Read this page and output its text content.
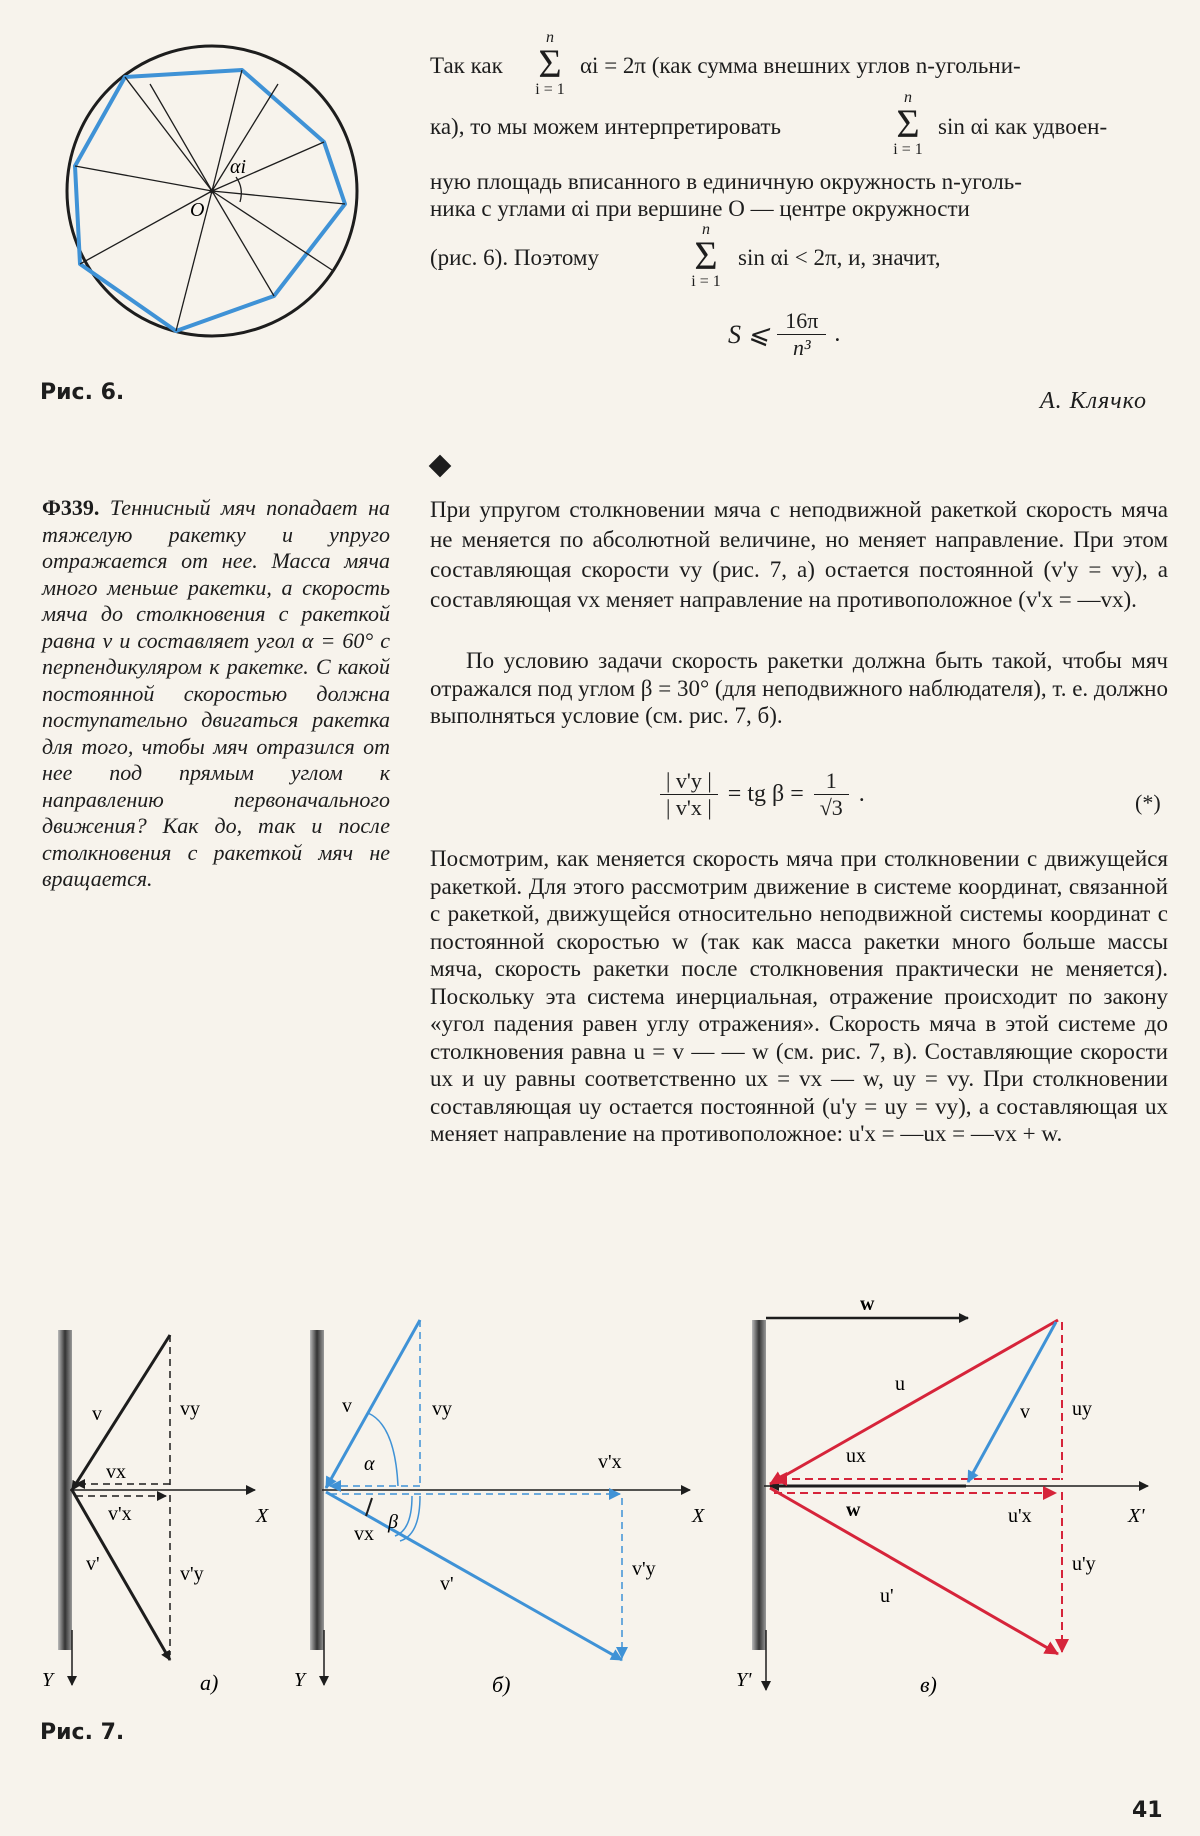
αi
O
Рис. 6.
Так как
n
Σ
i = 1
αi = 2π (как сумма внешних углов n-угольни-
ка), то мы можем интерпретировать
n
Σ
i = 1
sin αi как удвоен-
ную площадь вписанного в единичную окружность n-уголь-
ника с углами αi при вершине O — центре окружности
(рис. 6). Поэтому
n
Σ
i = 1
sin αi < 2π, и, значит,
S ⩽ 16π
n³
.
А. Клячко
Ф339. Теннисный мяч попадает на тяжелую ракетку и упруго отражается от нее. Масса мяча много меньше ракетки, а скорость мяча до столкновения с ракеткой равна v и составляет угол α = 60° с перпендикуляром к ракетке. С какой постоянной скоростью должна поступательно двигаться ракетка для того, чтобы мяч отразился от нее под прямым углом к направлению первоначального движения? Как до, так и после столкновения с ракеткой мяч не вращается.
При упругом столкновении мяча с неподвижной ракеткой скорость мяча не меняется по абсолютной величине, но меняет направление. При этом составляющая скорости vy (рис. 7, а) остается постоянной (v'y = vy), а составляющая vx меняет направление на противоположное (v'x = —vx).
По условию задачи скорость ракетки должна быть такой, чтобы мяч отражался под углом β = 30° (для неподвижного наблюдателя), т. е. должно выполняться условие (см. рис. 7, б).
$\frac{| v'y |}{| v'x |}$ = tg $\beta = \frac{1}{√3}$ .	(*)
Посмотрим, как меняется скорость мяча при столкновении с движущейся ракеткой. Для этого рассмотрим движение в системе координат, связанной с ракеткой, движущейся относительно неподвижной системы координат с постоянной скоростью w (так как масса ракетки много больше массы мяча, скорость ракетки после столкновения практически не меняется). Поскольку эта система инерциальная, отражение происходит по закону «угол падения равен углу отражения». Скорость мяча в этой системе до столкновения равна u = v — — w (см. рис. 7, в). Составляющие скорости ux и uy равны соответственно ux = vx — w, uy = vy. При столкновении составляющая uy остается постоянной (u'y = uy = vy), а составляющая ux меняет направление на противоположное: u'x = —ux = —vx + w.
v	vy
vx
v'x
v'	v'y
X
Y	а)
v	vy
α
β
vx
v'x
v'
v'y
X
Y	б)
w
u
v uy
ux
w	u'x
u'
u'y
X'
Y'	в)
Рис. 7.
41
